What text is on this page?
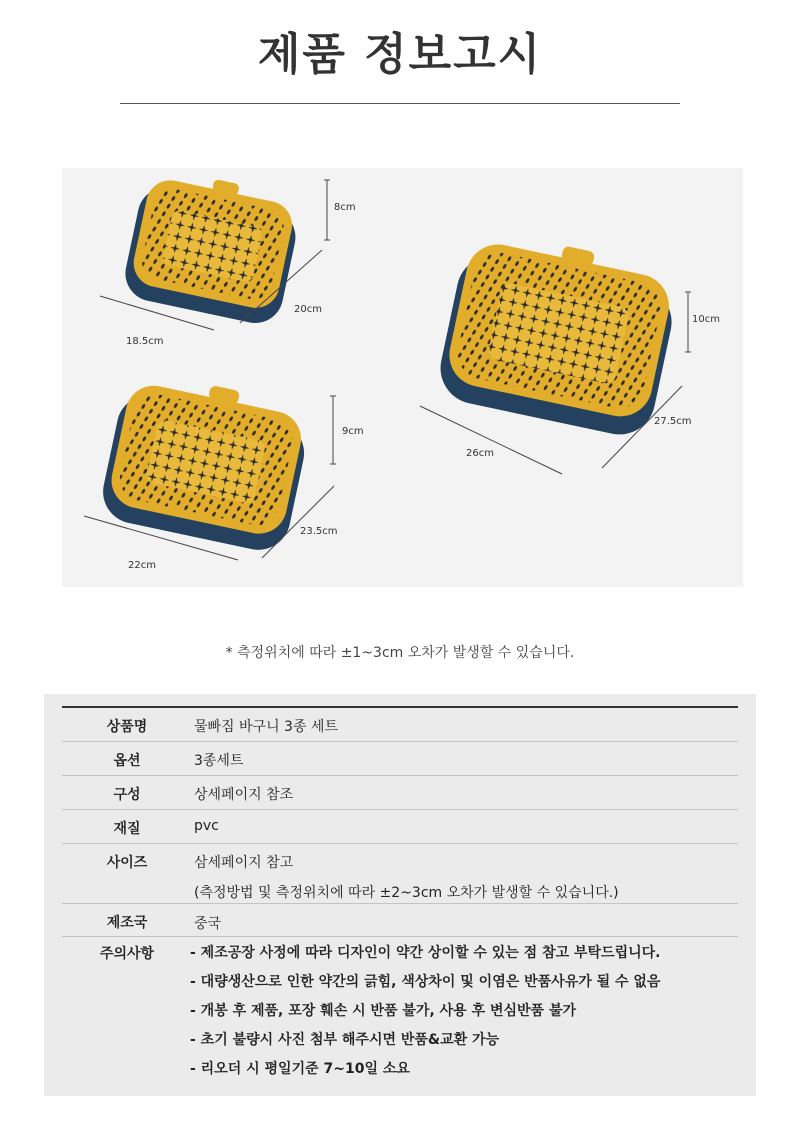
제품 정보고시
8cm
20cm
18.5cm
9cm
23.5cm
22cm
10cm
27.5cm
26cm
* 측정위치에 따라 ±1~3cm 오차가 발생할 수 있습니다.
상품명	물빠짐 바구니 3종 세트
옵션	3종세트
구성	상세페이지 참조
재질	pvc
사이즈	삼세페이지 참고
(측정방법 및 측정위치에 따라 ±2~3cm 오차가 발생할 수 있습니다.)
제조국	중국
주의사항	- 제조공장 사정에 따라 디자인이 약간 상이할 수 있는 점 참고 부탁드립니다.
- 대량생산으로 인한 약간의 긁힘, 색상차이 및 이염은 반품사유가 될 수 없음
- 개봉 후 제품, 포장 훼손 시 반품 불가, 사용 후 변심반품 불가
- 초기 불량시 사진 첨부 해주시면 반품&교환 가능
- 리오더 시 평일기준 7~10일 소요
